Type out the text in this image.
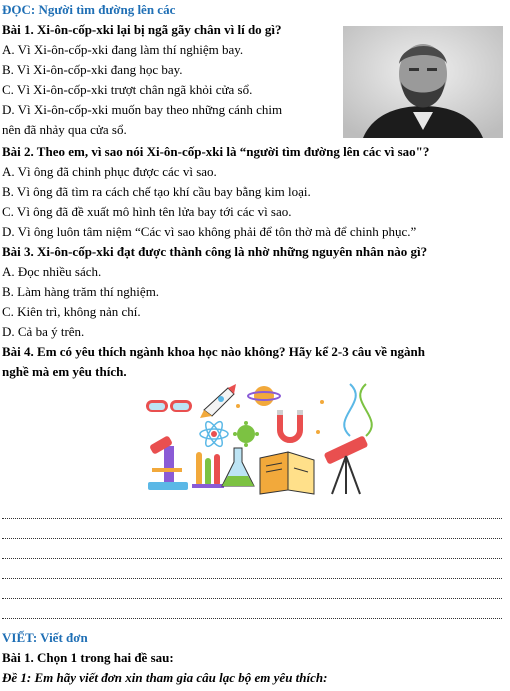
ĐỌC: Người tìm đường lên các
Bài 1. Xi-ôn-cốp-xki lại bị ngã gãy chân vì lí do gì?
A. Vì Xi-ôn-cốp-xki đang làm thí nghiệm bay.
B. Vì Xi-ôn-cốp-xki đang học bay.
C. Vì Xi-ôn-cốp-xki trượt chân ngã khỏi cửa sổ.
D. Vì Xi-ôn-cốp-xki muốn bay theo những cánh chim
nên đã nhảy qua cửa sổ.
Bài 2. Theo em, vì sao nói Xi-ôn-cốp-xki là “người tìm đường lên các vì sao"?
A. Vì ông đã chinh phục được các vì sao.
B. Vì ông đã tìm ra cách chế tạo khí cầu bay bằng kim loại.
C. Vì ông đã đề xuất mô hình tên lửa bay tới các vì sao.
D. Vì ông luôn tâm niệm “Các vì sao không phải để tôn thờ mà để chinh phục.”
Bài 3. Xi-ôn-cốp-xki đạt được thành công là nhờ những nguyên nhân nào gì?
A. Đọc nhiều sách.
B. Làm hàng trăm thí nghiệm.
C. Kiên trì, không nản chí.
D. Cả ba ý trên.
Bài 4. Em có yêu thích ngành khoa học nào không? Hãy kể 2-3 câu về ngành
nghề mà em yêu thích.
VIẾT: Viết đơn
Bài 1. Chọn 1 trong hai đề sau:
Đề 1: Em hãy viết đơn xin tham gia câu lạc bộ em yêu thích:
